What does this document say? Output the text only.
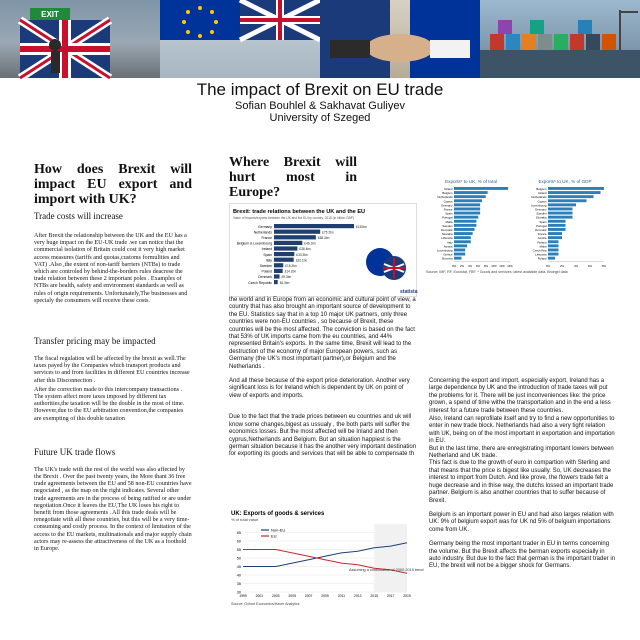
EXIT
The impact of Brexit on EU trade
Sofian Bouhlel & Sakhavat Guliyev
University of Szeged
How does Brexit will impact EU export and import with UK?
Trade costs will increase
After Brexit the relationship between the UK and the EU has a very huge impact on the EU-UK trade .we can notice that the commercial isolation of Britain could cost it very high market access measures (tariffs and quotas,customs formulities and VAT) .Also ,the extent of non-tariff barriers (NTBs) to trade which are controled by behind-the-borders rules deacrese the trade relation between these 2 important poles . Examples of NTBs are health, safety and environment standards as well as rules of origin requirements. Unfortunately,The businesses and specialy the consumers will receive these costs.
Transfer pricing may be impacted
The fiscal regulation will be affected by the brexit as well.The taxes payed by the Companies which transport products and services to and from facilities in different EU countries increase after this Disconnection .
After the correction made to this intercompany transactions . The system affect more taxes imposed by different tax authorities,the taxation will be the double in the most of time. However,due to the EU arbitration convention,the companies are exempting of this double taxation
Future UK trade flows
The UK's trade with the rest of the world was also affected by the Brexit . Over the past twenty years, the More thant 36 free trade agreements between the EU and 58 non-EU countries have negociated , as the map on the right indicates. Several other trade agreements are in the process of being ratified or are under negotiation.Once it leaves the EU,The UK loses his right to benefit from those agreements . All this trade deals will be renegotiate with all these countries, but this will be a very time-consuming and costly process. In the context of limitation of the access to the EU markets, multinationals and major supply chain actors may re-assess the attractiveness of the UK as a foothold in Europe.
Where Brexit will hurt most in Europe?
Brexit: trade relations between the UK and the EU
Value of imports/exports between the UK and the EU by country, 2015 (in billion GBP)
Germany	£130bn
Netherlands	£75.2bn
France	£68.3bn
Belgium & Luxembourg	£46.1bn
Ireland	£38.4bn
Spain	£33.3bn
Italy	£32.1bn
Sweden	£15.2bn
Poland	£14.2bn
Denmark	£9.3bn
Czech Republic £6.3bn
statista
the world and in Europe from an economic and cultural point of view, a country that has also brought an important source of development to the EU. Statistics say that in a top 10 major UK partners, only three countries were non-EU countries , so because of Brexit, these countries will be the most affected. The conviction is based on the fact that 53% of UK imports came from the eu countries, and 44% represented Britain's exports. In the same time, Brexit will lead to the destruction of the economy of major European powers, such as Germany (the UK's most important partner),or Belgium and the Netherlands .
And all these because of the export price deterioration. Another very significant loss is for Ireland which is dependent by UK on point of view of exports and imports.
Due to the fact that the trade prices between eu countries and uk will know some changes,bigest as ussualy , the both parts will suffer the economics losses. But the most affected will be Inland and then cyprus,Netherlands and Belgium. But an situation happiest is the german situation because it has the another very important destination for exporting its goods and services that will be able to compensate th
UK: Exports of goods & services
% of total value
30
35
40
45
50
55
60
65
1999	2001	2003	2005	2007	2009	2011	2013	2015	2017	2019
Non-EU
EU
Assuming a continuation of 2000-2015 trend
Source: Oxford Economics/Haver Analytics
Exports* to UK, % of total
Ireland
Belgium
Netherlands
Cyprus
Germany
France
Spain
Portugal
Malta
Sweden
Denmark
Slovakia
Lithuania
Italy
Austria
Luxembourg
Greece
Slovenia
0% 2% 4% 6% 8% 10% 12% 14%
Exports* to UK, % of GDP
Belgium
Ireland
Netherlands
Cyprus
Luxembourg
Germany
Sweden
Slovakia
Spain
Portugal
Denmark
France
Austria
Finland
Malta
Czech Rep
Lithuania
Poland
0%	2%	4%	6%	8%
Source: IMF, RF, Eurostat, FBF. * Goods and services; latest available data. Bruegel data
Concerning the export and import, especially export, Ireland has a large dependence by UK and the introduction of trade taxes will put the problems for it. There will be just inconveniences like: the price grown, a spend of time withe the transportation and in the end a less interest for a future trade between these countries.
Also, Ireland can reprofilate itself and try to find a new opportunities to enter in new trade block. Netherlands had also a very tight relation with UK, being on of the most important in exportation and importation in EU.
But in the last time, there are enregistrating important lowers between Netherland and UK trade.
This fact is due to the growth of euro in compartion with Sterling and that means that the price is bigest like usually. So, UK decreases the interest to import from Dutch. And like prove, the flowers trade felt a huge decrease and in thise way, the dutchs lossed an important trade partner. Belgium is also another countries that to suffer because of Brexit.
Belgium is an important power in EU and had also larges relation with UK: 9% of belgium export was for UK nd 5% of belgium importations come from UK.
Germany being the most important trader in EU in terms concerning the volume. But the Brexit affects the berman exports especially in auto industry. But due to the fact that german is the important trader in EU, the brexit will not be a bigger shock for Germans.
